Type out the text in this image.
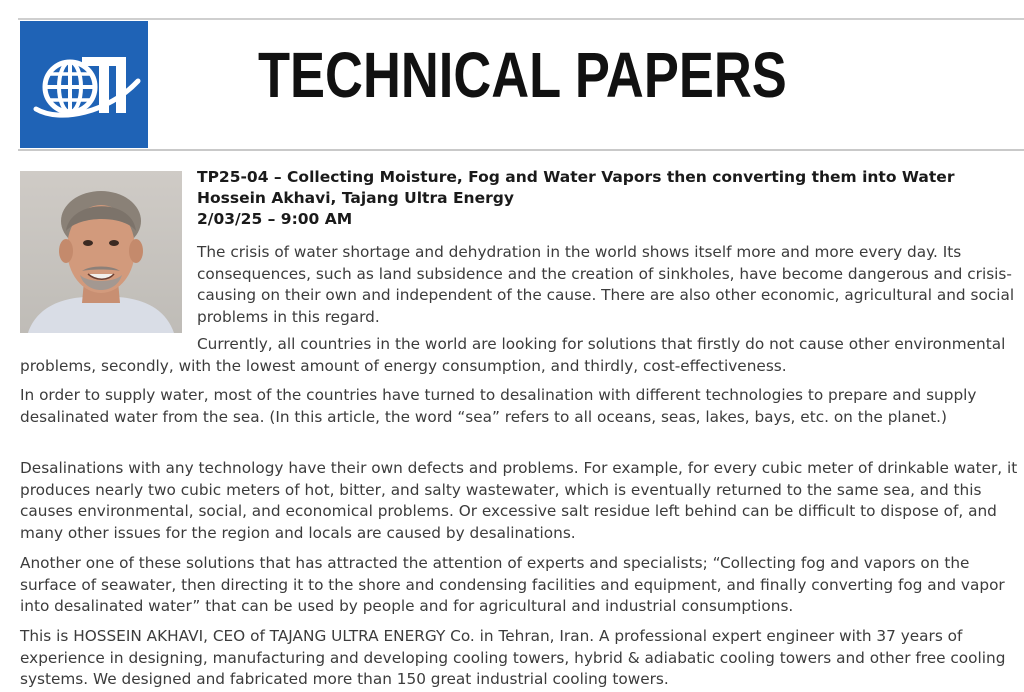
TECHNICAL PAPERS
TP25-04 – Collecting Moisture, Fog and Water Vapors then converting them into Water
Hossein Akhavi, Tajang Ultra Energy
2/03/25 – 9:00 AM

The crisis of water shortage and dehydration in the world shows itself more and more every day. Its consequences, such as land subsidence and the creation of sinkholes, have become dangerous and crisis-causing on their own and independent of the cause. There are also other economic, agricultural and social problems in this regard.

Currently, all countries in the world are looking for solutions that firstly do not cause other environmental problems, secondly, with the lowest amount of energy consumption, and thirdly, cost-effectiveness.

In order to supply water, most of the countries have turned to desalination with different technologies to prepare and supply desalinated water from the sea. (In this article, the word “sea” refers to all oceans, seas, lakes, bays, etc. on the planet.)

Desalinations with any technology have their own defects and problems. For example, for every cubic meter of drinkable water, it produces nearly two cubic meters of hot, bitter, and salty wastewater, which is eventually returned to the same sea, and this causes environmental, social, and economical problems. Or excessive salt residue left behind can be difficult to dispose of, and many other issues for the region and locals are caused by desalinations.

Another one of these solutions that has attracted the attention of experts and specialists; “Collecting fog and vapors on the surface of seawater, then directing it to the shore and condensing facilities and equipment, and finally converting fog and vapor into desalinated water” that can be used by people and for agricultural and industrial consumptions.

This is HOSSEIN AKHAVI, CEO of TAJANG ULTRA ENERGY Co. in Tehran, Iran. A professional expert engineer with 37 years of experience in designing, manufacturing and developing cooling towers, hybrid & adiabatic cooling towers and other free cooling systems. We designed and fabricated more than 150 great industrial cooling towers.
